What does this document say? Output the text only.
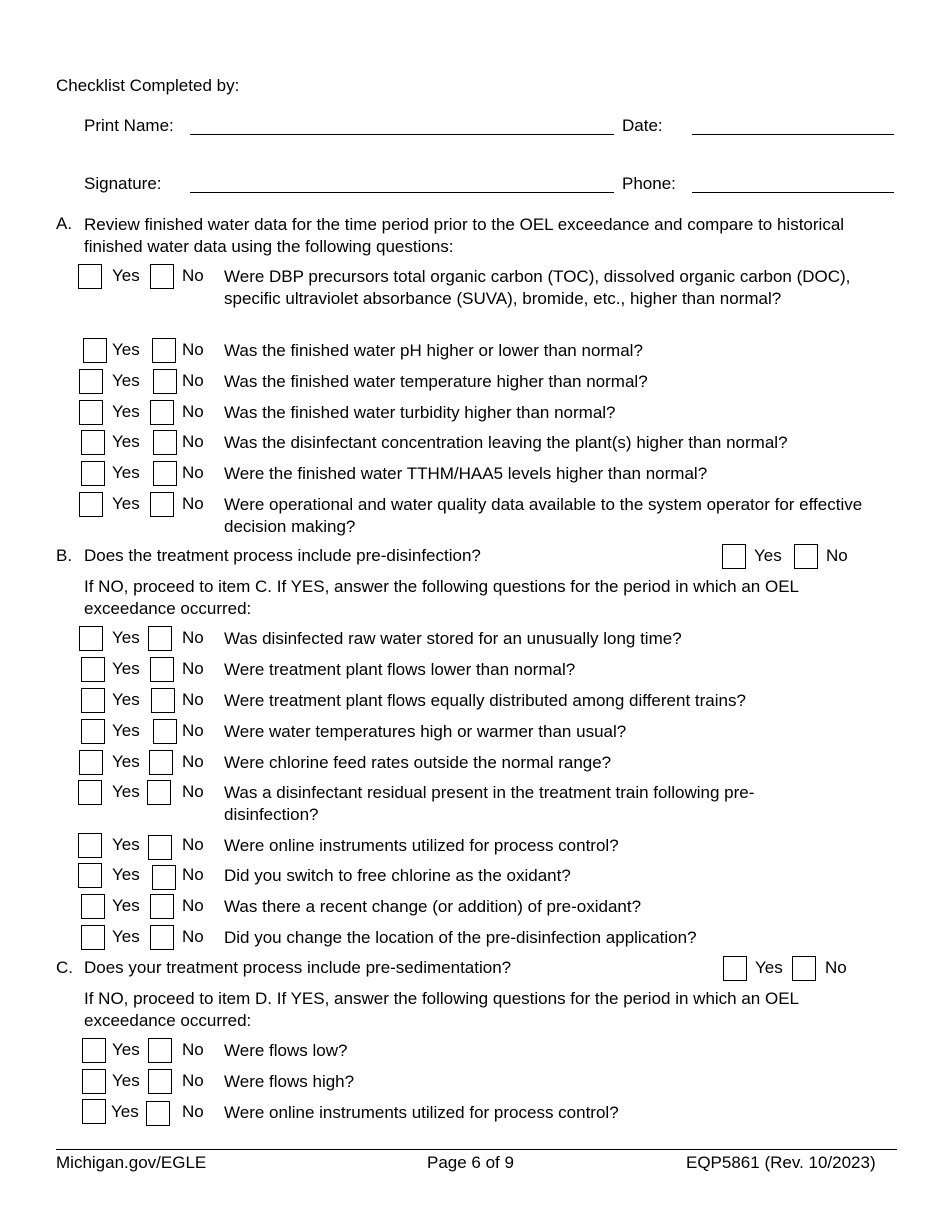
Checklist Completed by:
Print Name:	Date:
Signature:	Phone:
A. Review finished water data for the time period prior to the OEL exceedance and compare to historical finished water data using the following questions:
Yes No Were DBP precursors total organic carbon (TOC), dissolved organic carbon (DOC), specific ultraviolet absorbance (SUVA), bromide, etc., higher than normal?
Yes No Was the finished water pH higher or lower than normal?
Yes No Was the finished water temperature higher than normal?
Yes No Was the finished water turbidity higher than normal?
Yes No Was the disinfectant concentration leaving the plant(s) higher than normal?
Yes No Were the finished water TTHM/HAA5 levels higher than normal?
Yes No Were operational and water quality data available to the system operator for effective decision making?
B. Does the treatment process include pre-disinfection?	Yes	No
If NO, proceed to item C. If YES, answer the following questions for the period in which an OEL exceedance occurred:
Yes No Was disinfected raw water stored for an unusually long time?
Yes No Were treatment plant flows lower than normal?
Yes No Were treatment plant flows equally distributed among different trains?
Yes No Were water temperatures high or warmer than usual?
Yes No Were chlorine feed rates outside the normal range?
Yes No Was a disinfectant residual present in the treatment train following pre-disinfection?
Yes No Were online instruments utilized for process control?
Yes No Did you switch to free chlorine as the oxidant?
Yes No Was there a recent change (or addition) of pre-oxidant?
Yes No Did you change the location of the pre-disinfection application?
C. Does your treatment process include pre-sedimentation?	Yes No
If NO, proceed to item D. If YES, answer the following questions for the period in which an OEL exceedance occurred:
Yes No Were flows low?
Yes No Were flows high?
Yes	No Were online instruments utilized for process control?
Michigan.gov/EGLE	Page 6 of 9	EQP5861 (Rev. 10/2023)
